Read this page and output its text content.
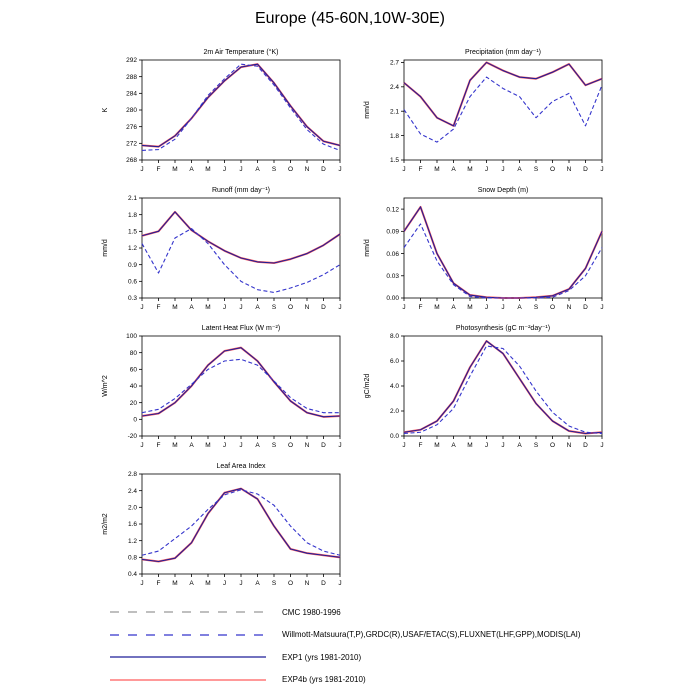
Europe (45-60N,10W-30E)
268
272
276
280
284
288
292
J F M A M J J A S O N D J
2m Air Temperature (°K)
K
1.5
1.8
2.1
2.4
2.7
J F M A M J J A S O N D J
Precipitation (mm day⁻¹)
mm/d
0.3
0.6
0.9
1.2
1.5
1.8
2.1
J F M A M J J A S O N D J
Runoff (mm day⁻¹)
mm/d
0.00
0.03
0.06
0.09
0.12
J F M A M J J A S O N D J
Snow Depth (m)
mm/d
-20
0
20
40
60
80
100
J F M A M J J A S O N D J
Latent Heat Flux (W m⁻²)
W/m^2
0.0
2.0
4.0
6.0
8.0
J F M A M J J A S O N D J
Photosynthesis (gC m⁻²day⁻¹)
gC/m2d
0.4
0.8
1.2
1.6
2.0
2.4
2.8
J F M A M J J A S O N D J
Leaf Area Index
m2/m2
CMC 1980-1996
Willmott-Matsuura(T,P),GRDC(R),USAF/ETAC(S),FLUXNET(LHF,GPP),MODIS(LAI)
EXP1 (yrs 1981-2010)
EXP4b (yrs 1981-2010)
